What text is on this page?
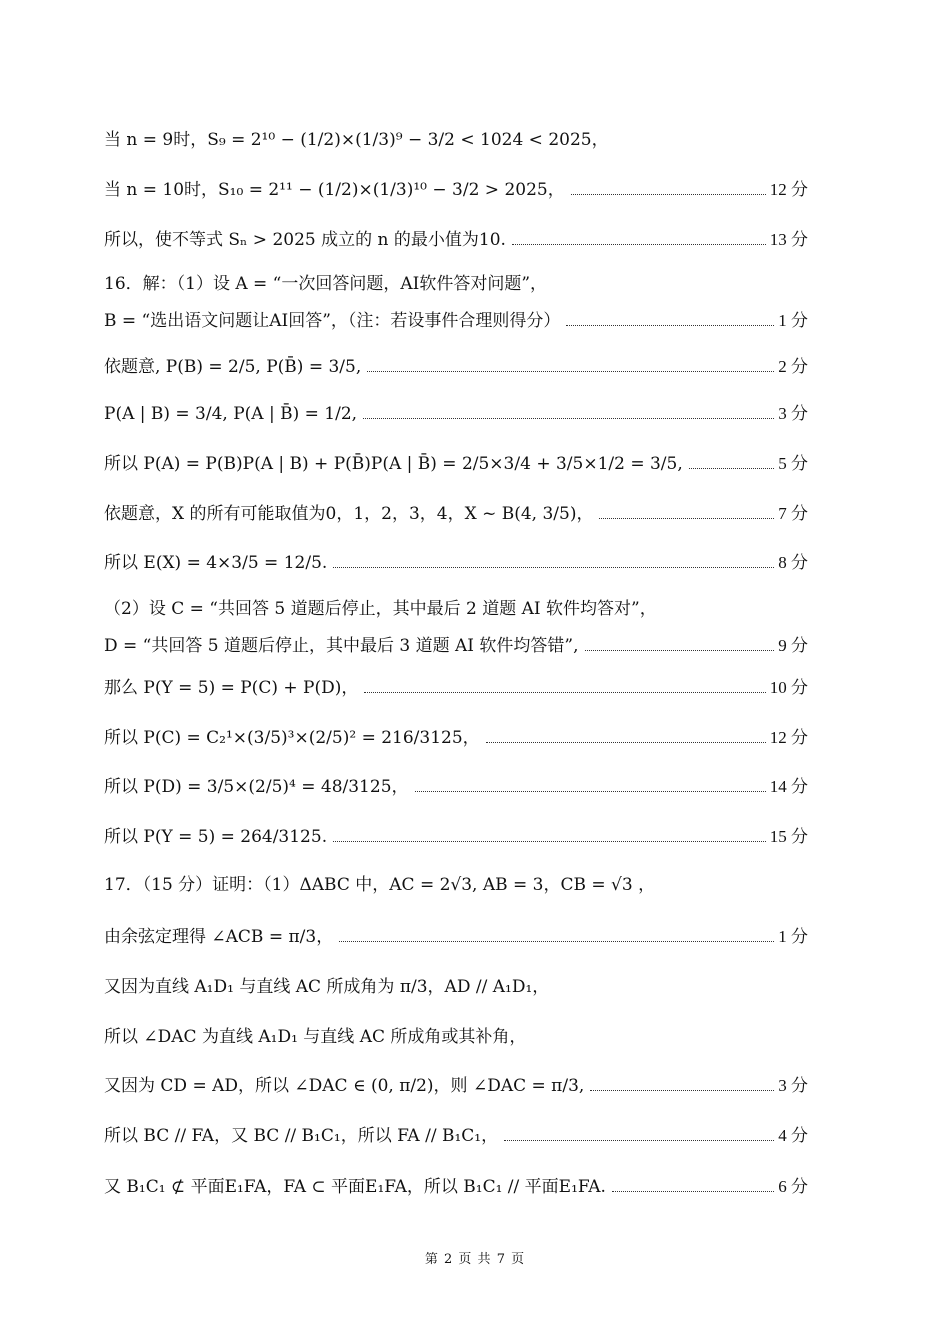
当 n = 9时，S₉ = 2¹⁰ − (1/2)×(1/3)⁹ − 3/2 < 1024 < 2025，
当 n = 10时，S₁₀ = 2¹¹ − (1/2)×(1/3)¹⁰ − 3/2 > 2025，	12 分
所以，使不等式 Sₙ > 2025 成立的 n 的最小值为10.	13 分
16．解：（1）设 A = “一次回答问题，AI软件答对问题”，
B = “选出语文问题让AI回答”，（注：若设事件合理则得分）	1 分
依题意, P(B) = 2/5, P(B̄) = 3/5,	2 分
P(A | B) = 3/4, P(A | B̄) = 1/2,	3 分
所以 P(A) = P(B)P(A | B) + P(B̄)P(A | B̄) = 2/5×3/4 + 3/5×1/2 = 3/5,	5 分
依题意，X 的所有可能取值为0，1，2，3，4，X ~ B(4, 3/5)，	7 分
所以 E(X) = 4×3/5 = 12/5.	8 分
（2）设 C = “共回答 5 道题后停止，其中最后 2 道题 AI 软件均答对”，
D = “共回答 5 道题后停止，其中最后 3 道题 AI 软件均答错”,	9 分
那么 P(Y = 5) = P(C) + P(D)，	10 分
所以 P(C) = C₂¹×(3/5)³×(2/5)² = 216/3125，	12 分
所以 P(D) = 3/5×(2/5)⁴ = 48/3125，	14 分
所以 P(Y = 5) = 264/3125.	15 分
17．（15 分）证明：（1）ΔABC 中，AC = 2√3, AB = 3，CB = √3 ，
由余弦定理得 ∠ACB = π/3，	1 分
又因为直线 A₁D₁ 与直线 AC 所成角为 π/3，AD // A₁D₁，
所以 ∠DAC 为直线 A₁D₁ 与直线 AC 所成角或其补角，
又因为 CD = AD，所以 ∠DAC ∈ (0, π/2)，则 ∠DAC = π/3,	3 分
所以 BC // FA，又 BC // B₁C₁，所以 FA // B₁C₁，	4 分
又 B₁C₁ ⊄ 平面E₁FA，FA ⊂ 平面E₁FA，所以 B₁C₁ // 平面E₁FA.	6 分
第 2 页 共 7 页
